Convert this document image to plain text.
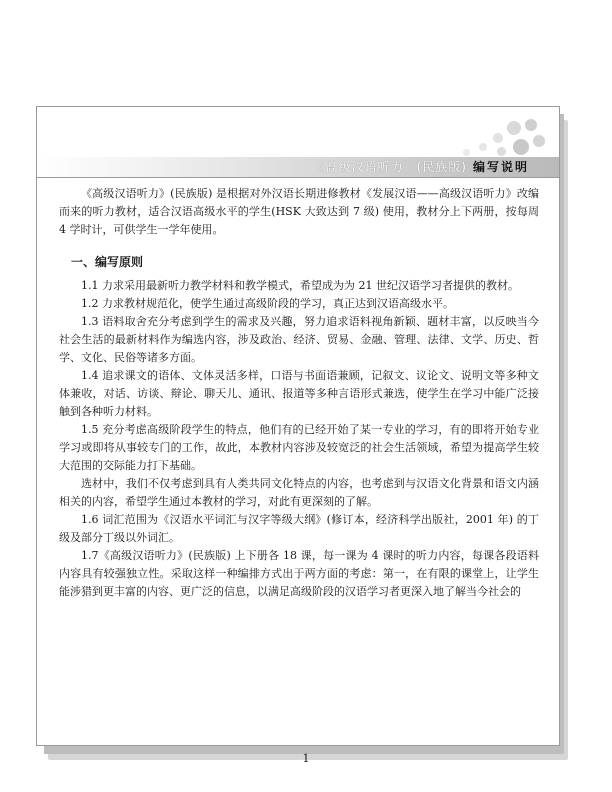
《高级汉语听力》(民族版) 编写说明

《高级汉语听力》(民族版) 是根据对外汉语长期进修教材《发展汉语——高级汉语听力》改编而来的听力教材，适合汉语高级水平的学生(HSK 大致达到 7 级) 使用，教材分上下两册，按每周 4 学时计，可供学生一学年使用。

一、编写原则

1.1 力求采用最新听力教学材料和教学模式，希望成为为 21 世纪汉语学习者提供的教材。

1.2 力求教材规范化，使学生通过高级阶段的学习，真正达到汉语高级水平。

1.3 语料取舍充分考虑到学生的需求及兴趣，努力追求语料视角新颖、题材丰富，以反映当今社会生活的最新材料作为编选内容，涉及政治、经济、贸易、金融、管理、法律、文学、历史、哲学、文化、民俗等诸多方面。

1.4 追求课文的语体、文体灵活多样，口语与书面语兼顾，记叙文、议论文、说明文等多种文体兼收，对话、访谈、辩论、聊天儿、通讯、报道等多种言语形式兼选，使学生在学习中能广泛接触到各种听力材料。

1.5 充分考虑高级阶段学生的特点，他们有的已经开始了某一专业的学习，有的即将开始专业学习或即将从事较专门的工作，故此，本教材内容涉及较宽泛的社会生活领域，希望为提高学生较大范围的交际能力打下基础。

选材中，我们不仅考虑到具有人类共同文化特点的内容，也考虑到与汉语文化背景和语文内涵相关的内容，希望学生通过本教材的学习，对此有更深刻的了解。

1.6 词汇范围为《汉语水平词汇与汉字等级大纲》(修订本，经济科学出版社，2001 年) 的丁级及部分丁级以外词汇。

1.7《高级汉语听力》(民族版) 上下册各 18 课，每一课为 4 课时的听力内容，每课各段语料内容具有较强独立性。采取这样一种编排方式出于两方面的考虑：第一，在有限的课堂上，让学生能涉猎到更丰富的内容、更广泛的信息，以满足高级阶段的汉语学习者更深入地了解当今社会的

1
